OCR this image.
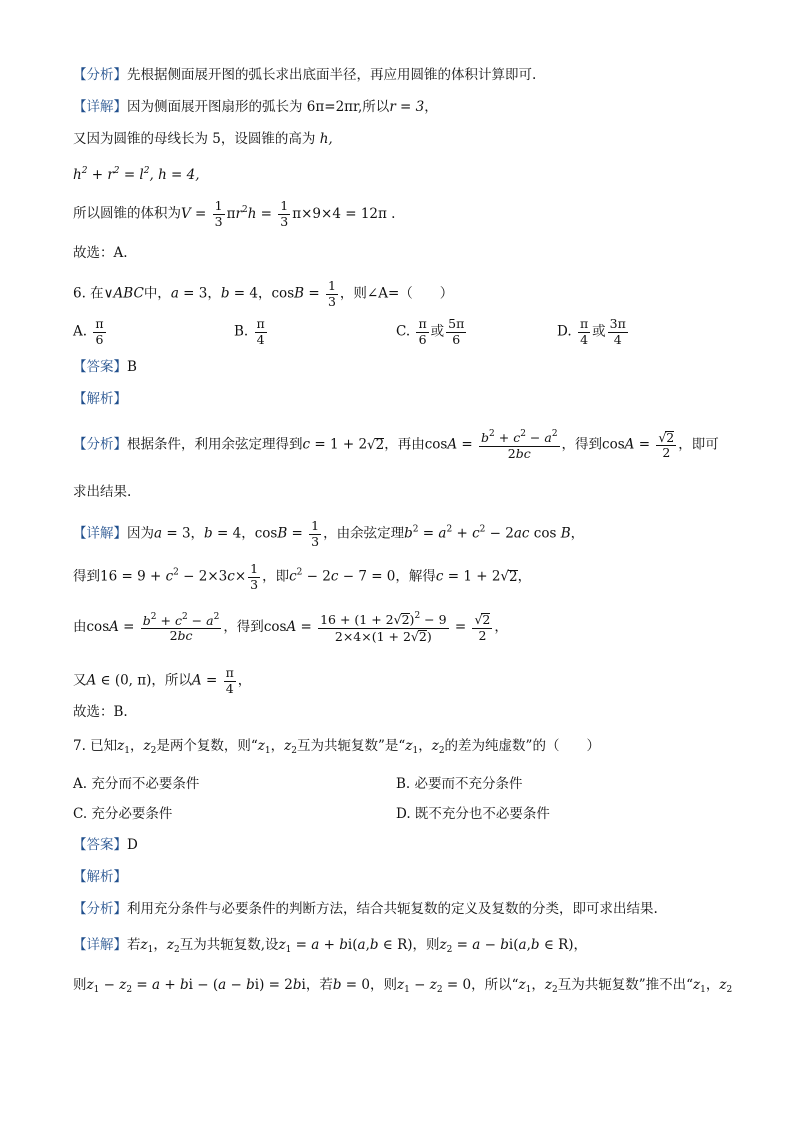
【分析】先根据侧面展开图的弧长求出底面半径，再应用圆锥的体积计算即可.
【详解】因为侧面展开图扇形的弧长为 6π=2πr,所以r = 3，
又因为圆锥的母线长为 5，设圆锥的高为 h,
$h^2 + r^2 = l^2$, h = 4,
所以圆锥的体积为$V = \frac{1}{3} \pi r^2h = \frac{1}{3} \pi\times 9\times 4 = 12\pi$ .
故选：A.
6. 在∨ABC中，a = 3，b = 4，$\cos B = \frac{1}{3}$ ，则∠A=（　　）
A. $\frac{\pi}{6}$	B. $\frac{\pi}{4}$	C. $\frac{\pi}{6}$ 或 $\frac{5\pi}{6}$	D. $\frac{\pi}{4}$ 或 $\frac{3\pi}{4}$
【答案】B
【解析】
【分析】根据条件，利用余弦定理得到c = 1 + 2√2，再由$\cos A = \frac{b^2 + c^2 - a^2}{2bc}$ ，得到$\cos A = \frac{√2}{2}$ ，即可
求出结果.
【详解】因为a = 3，b = 4，$\cos B = \frac{1}{3}$ ，由余弦定理$b^2 = a^2 + c^2 - 2ac$ cos B，
得到$16 = 9 + c^2 - 2\times 3c\times \frac{1}{3}$ ，即$c^2 - 2c - 7 = 0$，解得c = 1 + 2√2，
由$\cos A = \frac{b^2 + c^2 - a^2}{2bc}$ ，得到$\cos A = \frac{16 + (1 + 2√2)^2 - 9}{2\times 4\times(1 + 2√2)} = \frac{√2}{2}$ ，
又A ∈ (0, π)，所以$A = \frac{\pi}{4}$ ，
故选：B.
7. 已知$z_1$，$z_2$是两个复数，则“$z_1$，$z_2$互为共轭复数”是“$z_1$，$z_2$的差为纯虚数”的（　　）
A. 充分而不必要条件	B. 必要而不充分条件
C. 充分必要条件	D. 既不充分也不必要条件
【答案】D
【解析】
【分析】利用充分条件与必要条件的判断方法，结合共轭复数的定义及复数的分类，即可求出结果.
【详解】若$z_1$，$z_2$互为共轭复数,设$z_1 = a + bi(a,b$ ∈ R)，则$z_2 = a - bi(a,b$ ∈ R)，
则$z_1 - z_2 = a$ + bi − (a − bi) = 2bi，若b = 0，则$z_1 - z_2 = 0$，所以“$z_1$，$z_2$互为共轭复数”推不出“$z_1$，$z_2$
